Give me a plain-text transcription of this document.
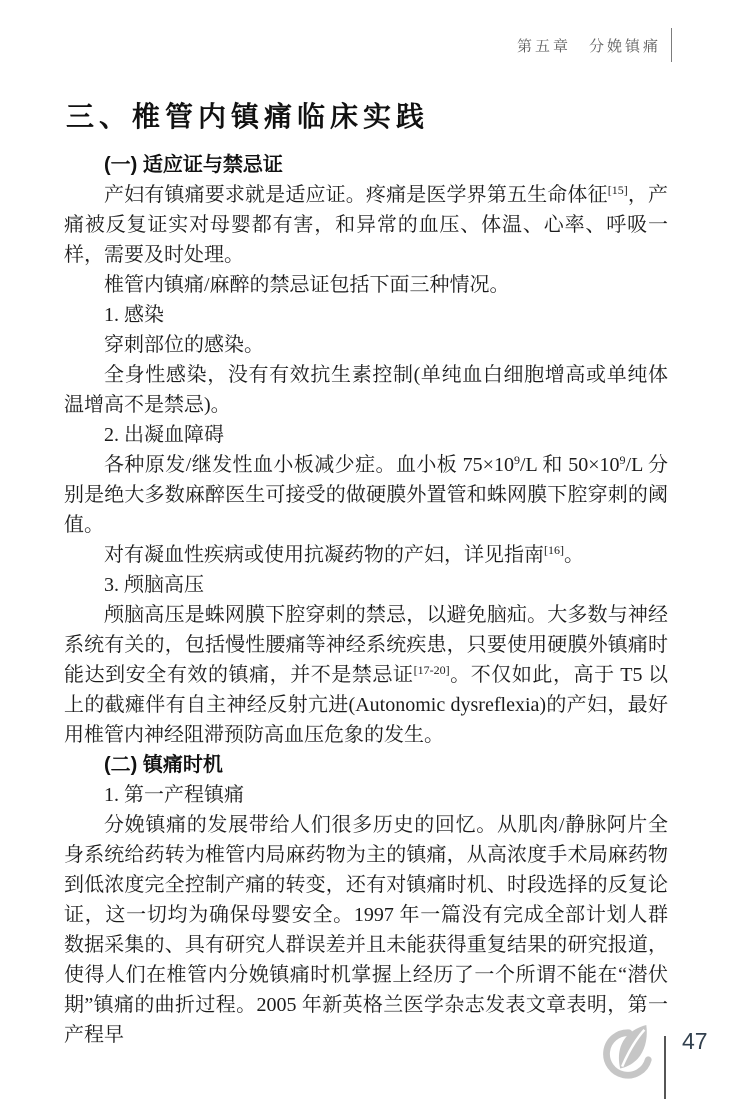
第五章　分娩镇痛
三、椎管内镇痛临床实践
(一) 适应证与禁忌证

产妇有镇痛要求就是适应证。疼痛是医学界第五生命体征[15]，产痛被反复证实对母婴都有害，和异常的血压、体温、心率、呼吸一样，需要及时处理。

椎管内镇痛/麻醉的禁忌证包括下面三种情况。

1. 感染

穿刺部位的感染。

全身性感染，没有有效抗生素控制(单纯血白细胞增高或单纯体温增高不是禁忌)。

2. 出凝血障碍

各种原发/继发性血小板减少症。血小板 $75\times 10^9/L$ 和 $50\times 10^9/L$ 分别是绝大多数麻醉医生可接受的做硬膜外置管和蛛网膜下腔穿刺的阈值。

对有凝血性疾病或使用抗凝药物的产妇，详见指南[16]。

3. 颅脑高压

颅脑高压是蛛网膜下腔穿刺的禁忌，以避免脑疝。大多数与神经系统有关的，包括慢性腰痛等神经系统疾患，只要使用硬膜外镇痛时能达到安全有效的镇痛，并不是禁忌证[17-20]。不仅如此，高于 T5 以上的截瘫伴有自主神经反射亢进(Autonomic dysreflexia)的产妇，最好用椎管内神经阻滞预防高血压危象的发生。

(二) 镇痛时机

1. 第一产程镇痛

分娩镇痛的发展带给人们很多历史的回忆。从肌肉/静脉阿片全身系统给药转为椎管内局麻药物为主的镇痛，从高浓度手术局麻药物到低浓度完全控制产痛的转变，还有对镇痛时机、时段选择的反复论证，这一切均为确保母婴安全。1997 年一篇没有完成全部计划人群数据采集的、具有研究人群误差并且未能获得重复结果的研究报道，使得人们在椎管内分娩镇痛时机掌握上经历了一个所谓不能在“潜伏期”镇痛的曲折过程。2005 年新英格兰医学杂志发表文章表明，第一产程早	47
